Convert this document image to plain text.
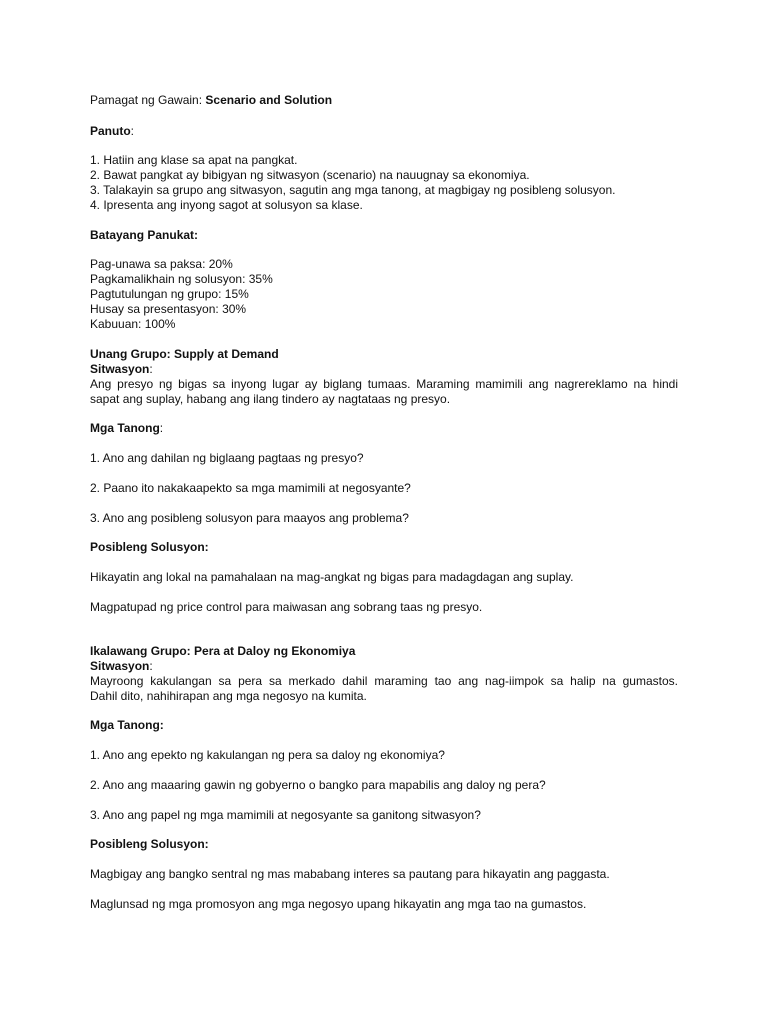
Pamagat ng Gawain: Scenario and Solution
Panuto:
1. Hatiin ang klase sa apat na pangkat.
2. Bawat pangkat ay bibigyan ng sitwasyon (scenario) na nauugnay sa ekonomiya.
3. Talakayin sa grupo ang sitwasyon, sagutin ang mga tanong, at magbigay ng posibleng solusyon.
4. Ipresenta ang inyong sagot at solusyon sa klase.
Batayang Panukat:
Pag-unawa sa paksa: 20%
Pagkamalikhain ng solusyon: 35%
Pagtutulungan ng grupo: 15%
Husay sa presentasyon: 30%
Kabuuan: 100%
Unang Grupo: Supply at Demand
Sitwasyon:
Ang presyo ng bigas sa inyong lugar ay biglang tumaas. Maraming mamimili ang nagrereklamo na hindi
sapat ang suplay, habang ang ilang tindero ay nagtataas ng presyo.
Mga Tanong:
1. Ano ang dahilan ng biglaang pagtaas ng presyo?
2. Paano ito nakakaapekto sa mga mamimili at negosyante?
3. Ano ang posibleng solusyon para maayos ang problema?
Posibleng Solusyon:
Hikayatin ang lokal na pamahalaan na mag-angkat ng bigas para madagdagan ang suplay.
Magpatupad ng price control para maiwasan ang sobrang taas ng presyo.
Ikalawang Grupo: Pera at Daloy ng Ekonomiya
Sitwasyon:
Mayroong kakulangan sa pera sa merkado dahil maraming tao ang nag-iimpok sa halip na gumastos.
Dahil dito, nahihirapan ang mga negosyo na kumita.
Mga Tanong:
1. Ano ang epekto ng kakulangan ng pera sa daloy ng ekonomiya?
2. Ano ang maaaring gawin ng gobyerno o bangko para mapabilis ang daloy ng pera?
3. Ano ang papel ng mga mamimili at negosyante sa ganitong sitwasyon?
Posibleng Solusyon:
Magbigay ang bangko sentral ng mas mababang interes sa pautang para hikayatin ang paggasta.
Maglunsad ng mga promosyon ang mga negosyo upang hikayatin ang mga tao na gumastos.
